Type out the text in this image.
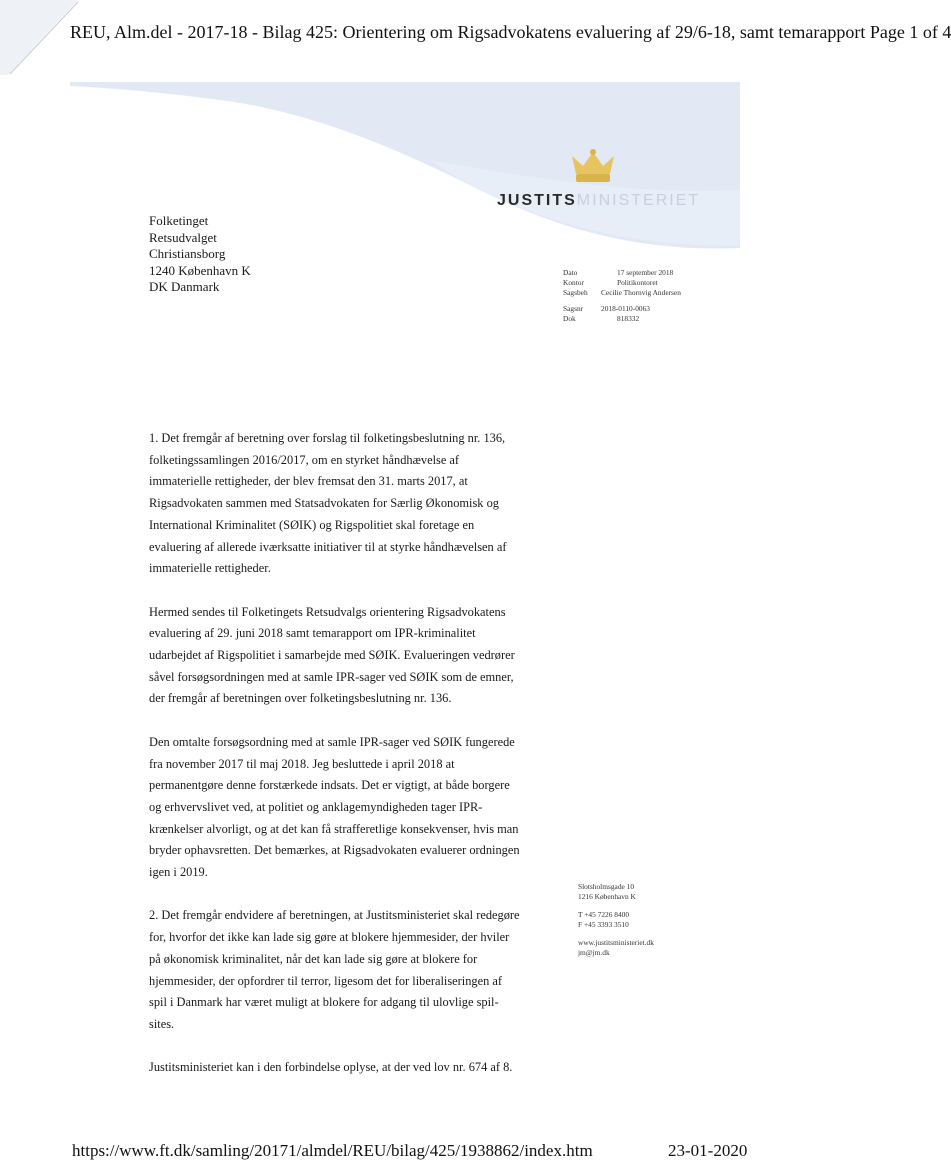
REU, Alm.del - 2017-18 - Bilag 425: Orientering om Rigsadvokatens evaluering af 29/6-18, samt temarapport Page 1 of 4
JUSTITSMINISTERIET
Folketinget
Retsudvalget
Christiansborg
1240 København K
DK Danmark
Dato	17 september 2018
Kontor	Politikontoret
Sagsbeh	Cecilie Thornvig Andersen
Sagsnr	2018-0110-0063
Dok	818332

1. Det fremgår af beretning over forslag til folketingsbeslutning nr. 136, folketingssamlingen 2016/2017, om en styrket håndhævelse af immaterielle rettigheder, der blev fremsat den 31. marts 2017, at Rigsadvokaten sammen med Statsadvokaten for Særlig Økonomisk og International Kriminalitet (SØIK) og Rigspolitiet skal foretage en evaluering af allerede iværksatte initiativer til at styrke håndhævelsen af immaterielle rettigheder.

Hermed sendes til Folketingets Retsudvalgs orientering Rigsadvokatens evaluering af 29. juni 2018 samt temarapport om IPR-kriminalitet udarbejdet af Rigspolitiet i samarbejde med SØIK. Evalueringen vedrører såvel forsøgsordningen med at samle IPR-sager ved SØIK som de emner, der fremgår af beretningen over folketingsbeslutning nr. 136.

Den omtalte forsøgsordning med at samle IPR-sager ved SØIK fungerede fra november 2017 til maj 2018. Jeg besluttede i april 2018 at permanentgøre denne forstærkede indsats. Det er vigtigt, at både borgere og erhvervslivet ved, at politiet og anklagemyndigheden tager IPR-krænkelser alvorligt, og at det kan få strafferetlige konsekvenser, hvis man bryder ophavsretten. Det bemærkes, at Rigsadvokaten evaluerer ordningen igen i 2019.

2. Det fremgår endvidere af beretningen, at Justitsministeriet skal redegøre for, hvorfor det ikke kan lade sig gøre at blokere hjemmesider, der hviler på økonomisk kriminalitet, når det kan lade sig gøre at blokere for hjemmesider, der opfordrer til terror, ligesom det for liberaliseringen af spil i Danmark har været muligt at blokere for adgang til ulovlige spil-sites.

Justitsministeriet kan i den forbindelse oplyse, at der ved lov nr. 674 af 8.

Slotsholmsgade 10
1216 København K

T +45 7226 8400
F +45 3393 3510

www.justitsministeriet.dk
jm@jm.dk

https://www.ft.dk/samling/20171/almdel/REU/bilag/425/1938862/index.htm	23-01-2020
